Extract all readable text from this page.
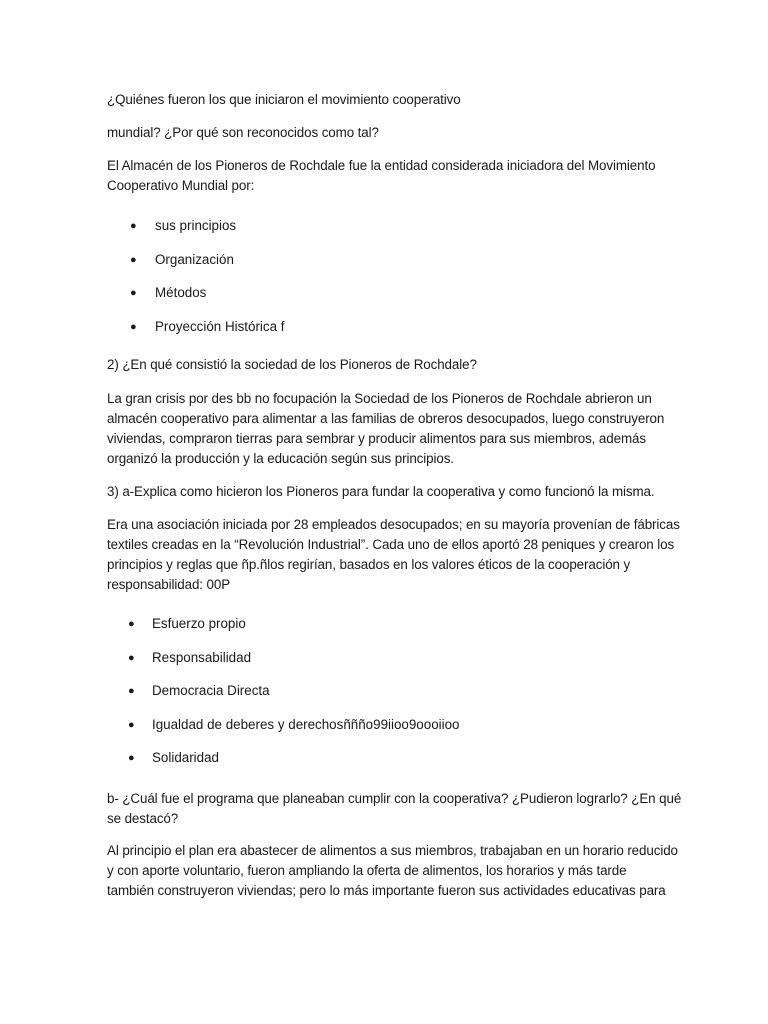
¿Quiénes fueron los que iniciaron el movimiento cooperativo
mundial? ¿Por qué son reconocidos como tal?
El Almacén de los Pioneros de Rochdale fue la entidad considerada iniciadora del Movimiento
Cooperativo Mundial por:
● sus principios
● Organización
● Métodos
● Proyección Histórica f
2) ¿En qué consistió la sociedad de los Pioneros de Rochdale?
La gran crisis por des bb no focupación la Sociedad de los Pioneros de Rochdale abrieron un
almacén cooperativo para alimentar a las familias de obreros desocupados, luego construyeron
viviendas, compraron tierras para sembrar y producir alimentos para sus miembros, además
organizó la producción y la educación según sus principios.
3) a-Explica como hicieron los Pioneros para fundar la cooperativa y como funcionó la misma.
Era una asociación iniciada por 28 empleados desocupados; en su mayoría provenían de fábricas
textiles creadas en la “Revolución Industrial”. Cada uno de ellos aportó 28 peniques y crearon los
principios y reglas que ñp.ñlos regirían, basados en los valores éticos de la cooperación y
responsabilidad: 00P
● Esfuerzo propio
● Responsabilidad
● Democracia Directa
● Igualdad de deberes y derechosññño99iioo9oooiioo
● Solidaridad
b- ¿Cuál fue el programa que planeaban cumplir con la cooperativa? ¿Pudieron lograrlo? ¿En qué
se destacó?
Al principio el plan era abastecer de alimentos a sus miembros, trabajaban en un horario reducido
y con aporte voluntario, fueron ampliando la oferta de alimentos, los horarios y más tarde
también construyeron viviendas; pero lo más importante fueron sus actividades educativas para
